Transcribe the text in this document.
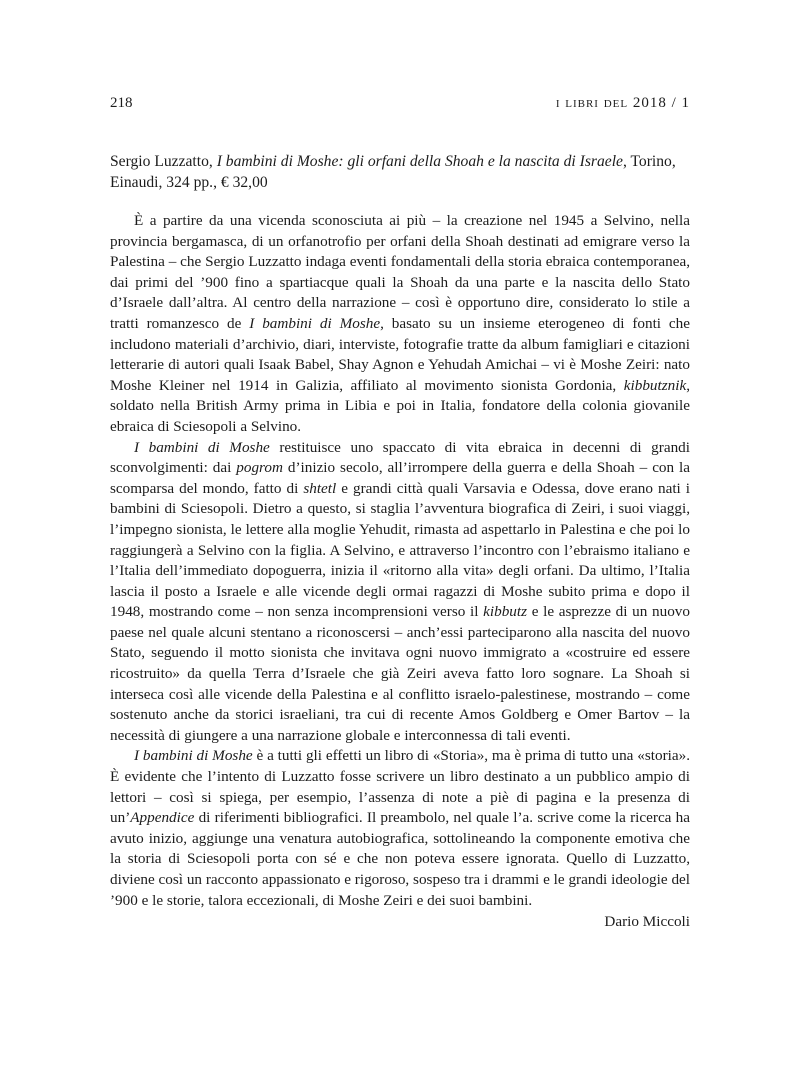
218	i libri del 2018 / 1
Sergio Luzzatto, I bambini di Moshe: gli orfani della Shoah e la nascita di Israele, Torino, Einaudi, 324 pp., € 32,00

È a partire da una vicenda sconosciuta ai più – la creazione nel 1945 a Selvino, nella provincia bergamasca, di un orfanotrofio per orfani della Shoah destinati ad emigrare verso la Palestina – che Sergio Luzzatto indaga eventi fondamentali della storia ebraica contemporanea, dai primi del ’900 fino a spartiacque quali la Shoah da una parte e la nascita dello Stato d’Israele dall’altra. Al centro della narrazione – così è opportuno dire, considerato lo stile a tratti romanzesco de I bambini di Moshe, basato su un insieme eterogeneo di fonti che includono materiali d’archivio, diari, interviste, fotografie tratte da album famigliari e citazioni letterarie di autori quali Isaak Babel, Shay Agnon e Yehudah Amichai – vi è Moshe Zeiri: nato Moshe Kleiner nel 1914 in Galizia, affiliato al movimento sionista Gordonia, kibbutznik, soldato nella British Army prima in Libia e poi in Italia, fondatore della colonia giovanile ebraica di Sciesopoli a Selvino.

I bambini di Moshe restituisce uno spaccato di vita ebraica in decenni di grandi sconvolgimenti: dai pogrom d’inizio secolo, all’irrompere della guerra e della Shoah – con la scomparsa del mondo, fatto di shtetl e grandi città quali Varsavia e Odessa, dove erano nati i bambini di Sciesopoli. Dietro a questo, si staglia l’avventura biografica di Zeiri, i suoi viaggi, l’impegno sionista, le lettere alla moglie Yehudit, rimasta ad aspettarlo in Palestina e che poi lo raggiungerà a Selvino con la figlia. A Selvino, e attraverso l’incontro con l’ebraismo italiano e l’Italia dell’immediato dopoguerra, inizia il «ritorno alla vita» degli orfani. Da ultimo, l’Italia lascia il posto a Israele e alle vicende degli ormai ragazzi di Moshe subito prima e dopo il 1948, mostrando come – non senza incomprensioni verso il kibbutz e le asprezze di un nuovo paese nel quale alcuni stentano a riconoscersi – anch’essi parteciparono alla nascita del nuovo Stato, seguendo il motto sionista che invitava ogni nuovo immigrato a «costruire ed essere ricostruito» da quella Terra d’Israele che già Zeiri aveva fatto loro sognare. La Shoah si interseca così alle vicende della Palestina e al conflitto israelo-palestinese, mostrando – come sostenuto anche da storici israeliani, tra cui di recente Amos Goldberg e Omer Bartov – la necessità di giungere a una narrazione globale e interconnessa di tali eventi.

I bambini di Moshe è a tutti gli effetti un libro di «Storia», ma è prima di tutto una «storia». È evidente che l’intento di Luzzatto fosse scrivere un libro destinato a un pubblico ampio di lettori – così si spiega, per esempio, l’assenza di note a piè di pagina e la presenza di un’Appendice di riferimenti bibliografici. Il preambolo, nel quale l’a. scrive come la ricerca ha avuto inizio, aggiunge una venatura autobiografica, sottolineando la componente emotiva che la storia di Sciesopoli porta con sé e che non poteva essere ignorata. Quello di Luzzatto, diviene così un racconto appassionato e rigoroso, sospeso tra i drammi e le grandi ideologie del ’900 e le storie, talora eccezionali, di Moshe Zeiri e dei suoi bambini.

Dario Miccoli
